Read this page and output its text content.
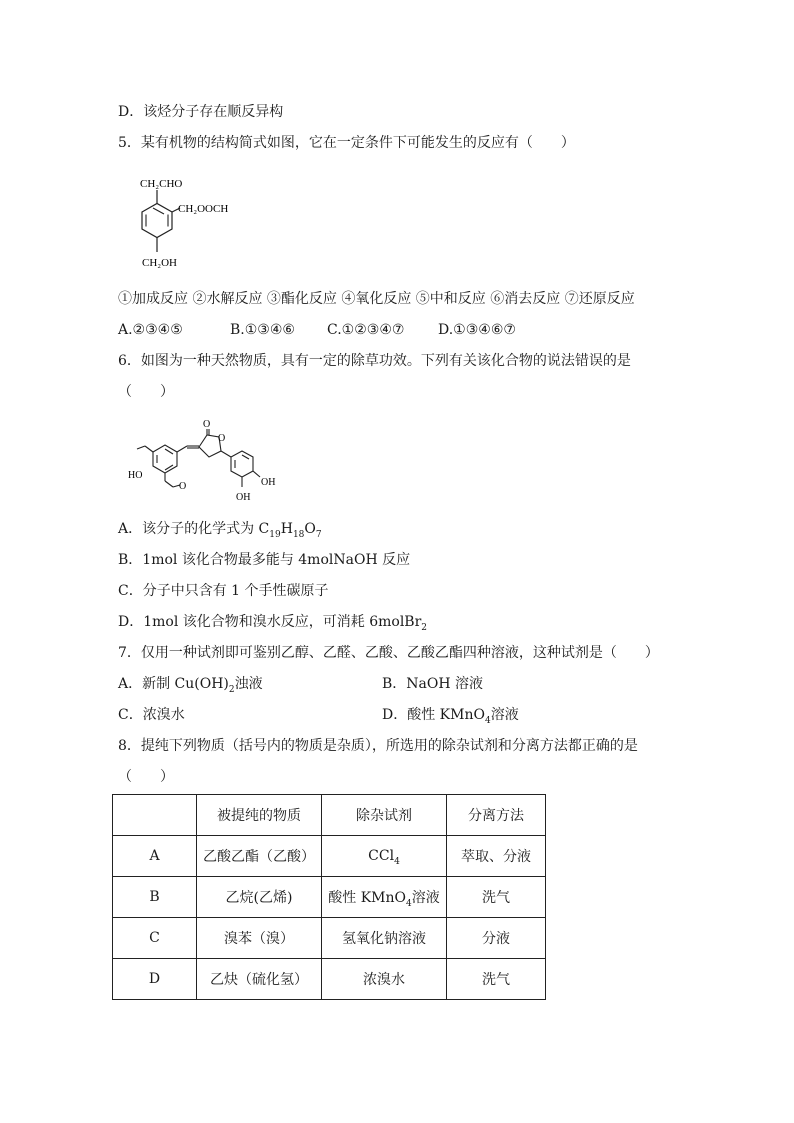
D．该烃分子存在顺反异构
5．某有机物的结构简式如图，它在一定条件下可能发生的反应有（　　）
CH₂CHO
CH₂OOCH
CH₂OH
①加成反应 ②水解反应 ③酯化反应 ④氧化反应 ⑤中和反应 ⑥消去反应 ⑦还原反应
A.②③④⑤	B.①③④⑥ C.①②③④⑦ D.①③④⑥⑦
6．如图为一种天然物质，具有一定的除草功效。下列有关该化合物的说法错误的是
（　　）
O
O
HO
OH
OH
O
A．该分子的化学式为 $C_{19}H_{18}O_7$
B．1mol 该化合物最多能与 4molNaOH 反应
C．分子中只含有 1 个手性碳原子
D．1mol 该化合物和溴水反应，可消耗 6molBr$_2$
7．仅用一种试剂即可鉴别乙醇、乙醛、乙酸、乙酸乙酯四种溶液，这种试剂是（　　）
A．新制 $Cu(OH)_2$浊液	B．NaOH 溶液
C．浓溴水	D．酸性 KMnO$_4$溶液
8．提纯下列物质（括号内的物质是杂质），所选用的除杂试剂和分离方法都正确的是
（　　）
	被提纯的物质	除杂试剂	分离方法
A	乙酸乙酯（乙酸）	CCl$_4$	萃取、分液
B	乙烷(乙烯)	酸性 KMnO$_4$溶液	洗气
C	溴苯（溴）	氢氧化钠溶液	分液
D	乙炔（硫化氢）	浓溴水	洗气
